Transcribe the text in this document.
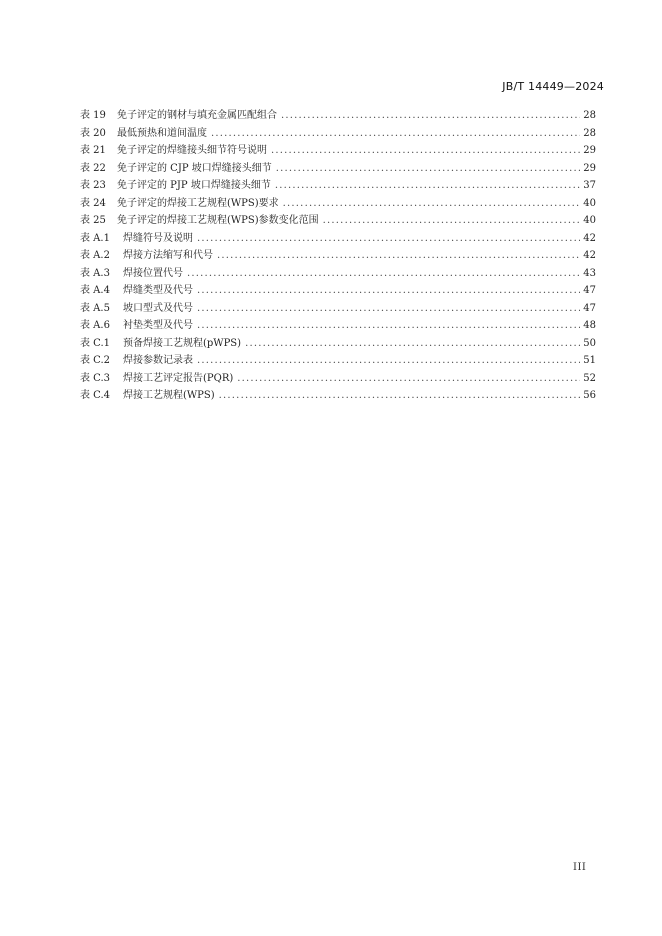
JB/T 14449—2024
表 19	免子评定的钢材与填充金属匹配组合 .....	28
表 20	最低预热和道间温度 .....	28
表 21	免子评定的焊缝接头细节符号说明 .....	29
表 22	免子评定的 CJP 坡口焊缝接头细节 .....	29
表 23	免子评定的 PJP 坡口焊缝接头细节 .....	37
表 24	免子评定的焊接工艺规程(WPS)要求 .....	40
表 25	免子评定的焊接工艺规程(WPS)参数变化范围 .....	40
表 A.1	焊缝符号及说明 .....	42
表 A.2	焊接方法缩写和代号 .....	42
表 A.3	焊接位置代号 .....	43
表 A.4	焊缝类型及代号 .....	47
表 A.5	坡口型式及代号 .....	47
表 A.6	衬垫类型及代号 .....	48
表 C.1	预备焊接工艺规程(pWPS) .....	50
表 C.2	焊接参数记录表 .....	51
表 C.3	焊接工艺评定报告(PQR) .....	52
表 C.4	焊接工艺规程(WPS) .....	56
III
